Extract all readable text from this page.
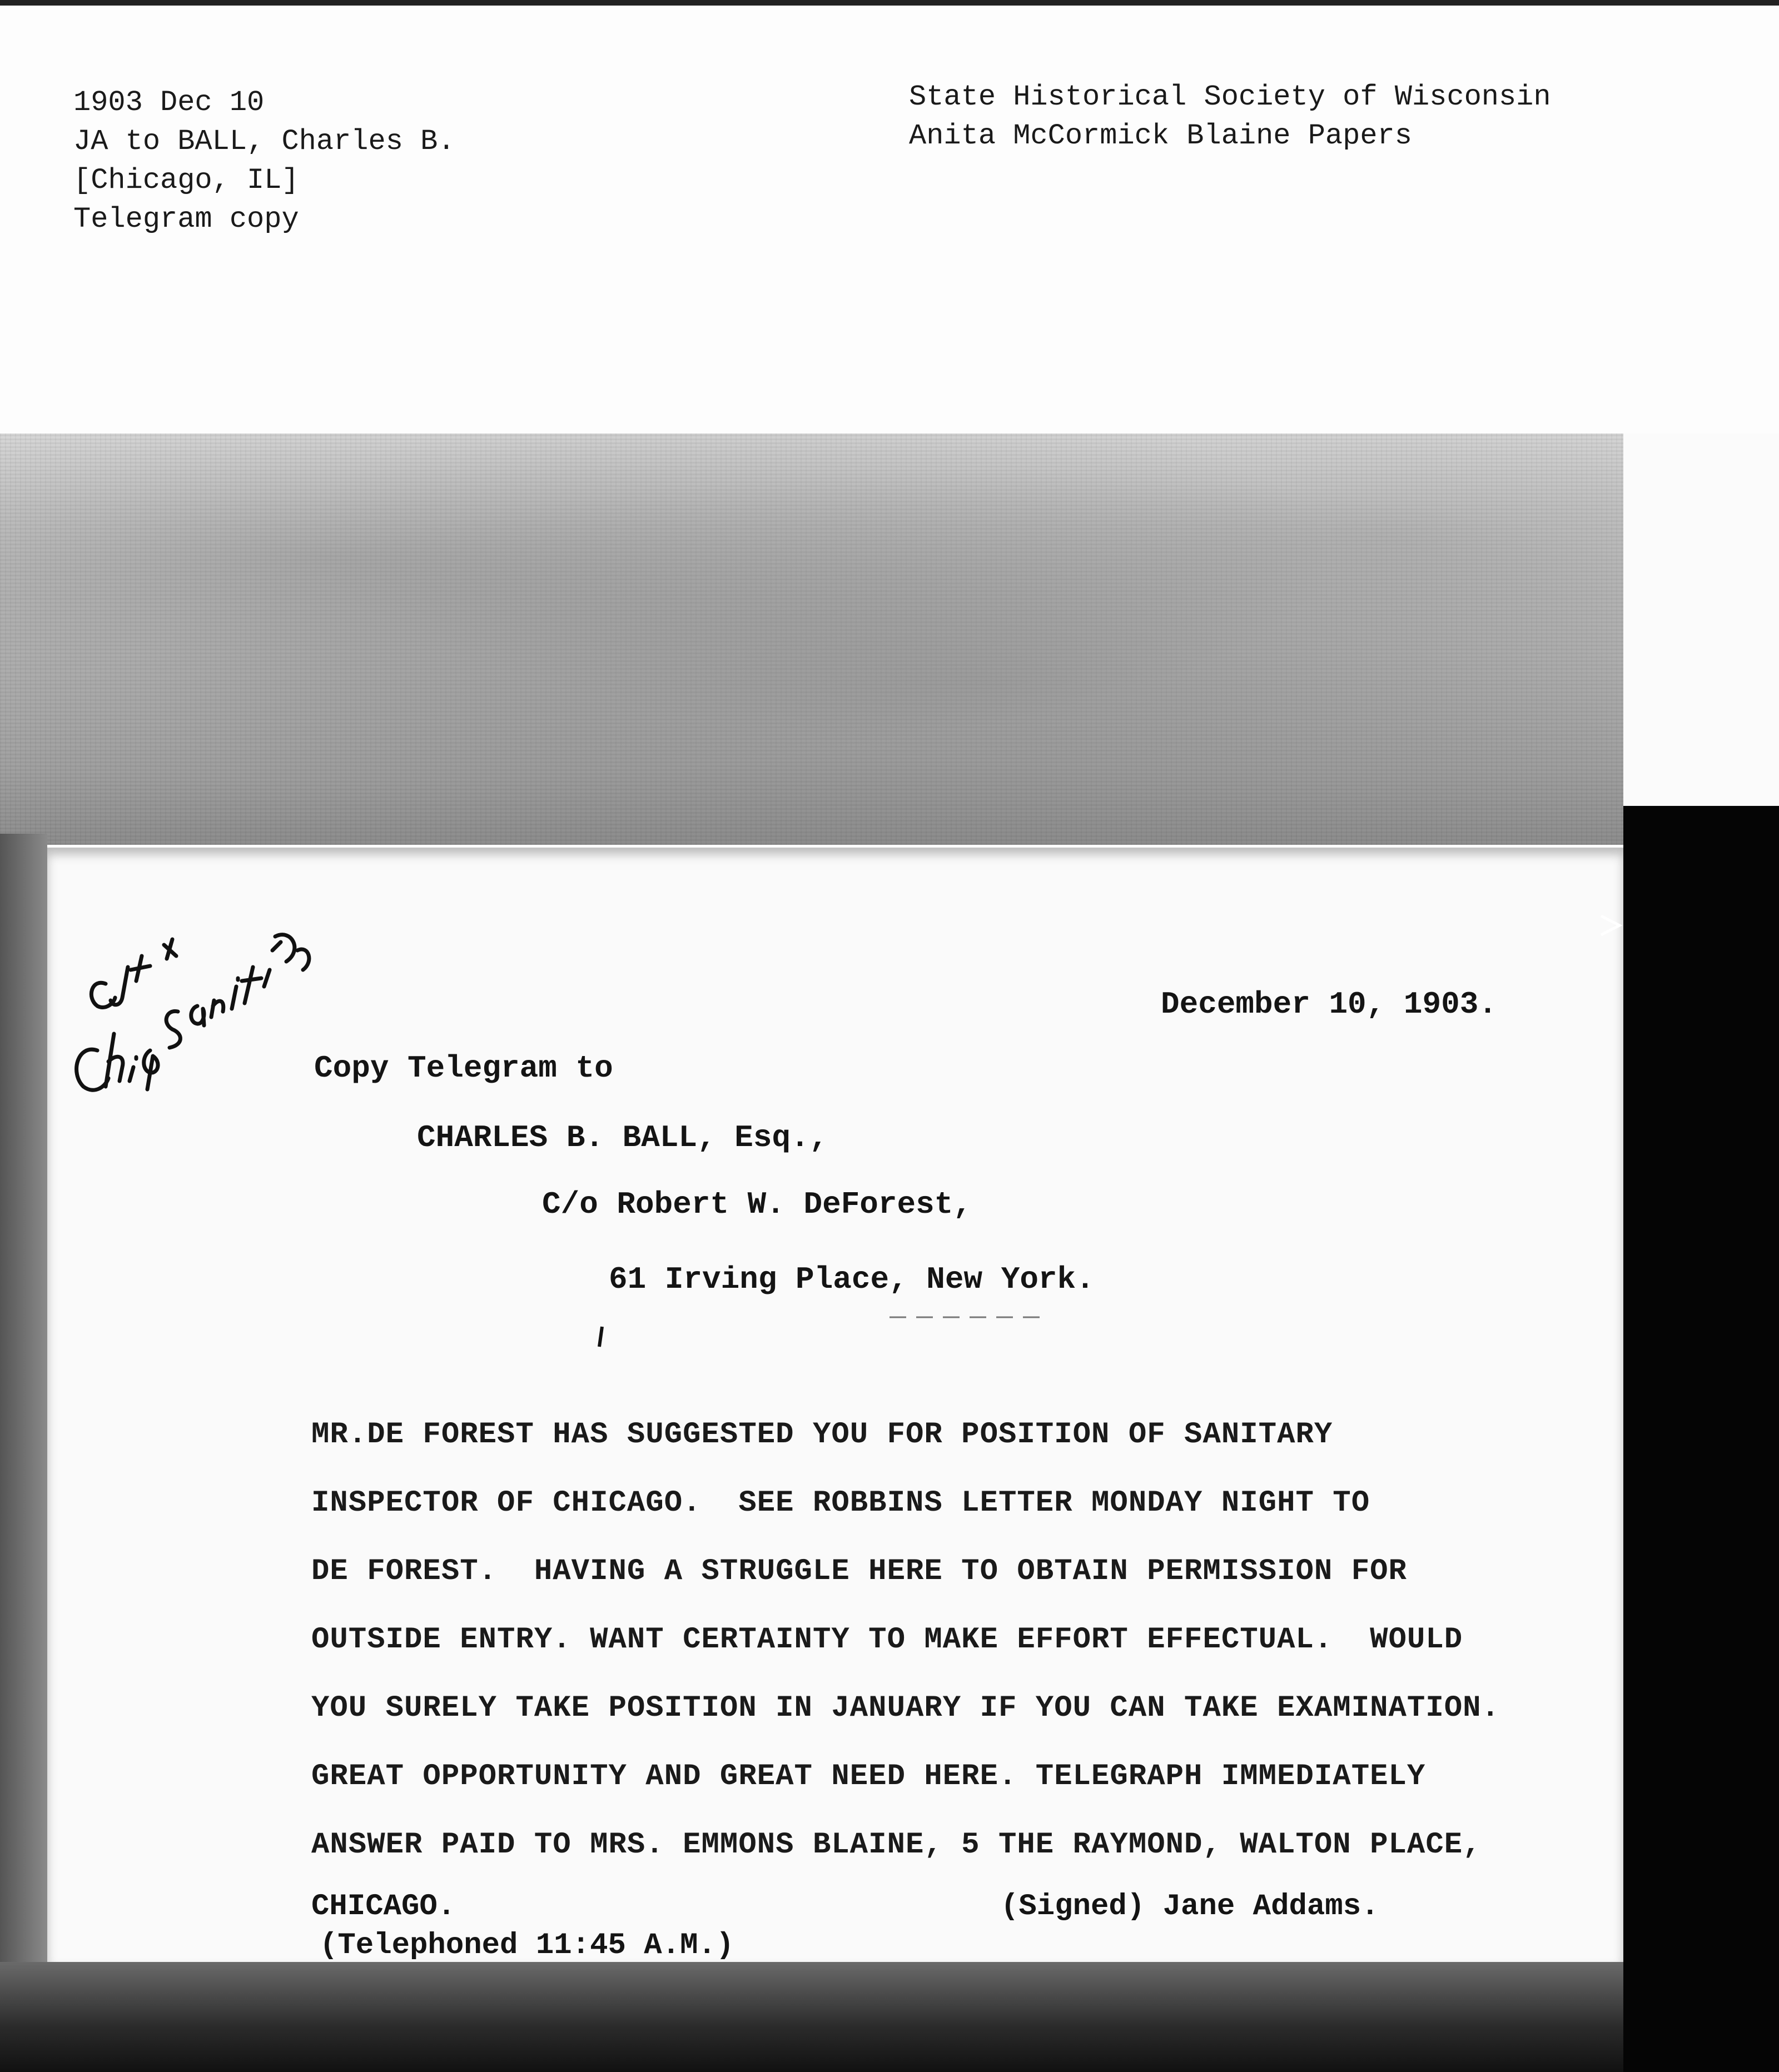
1903 Dec 10
JA to BALL, Charles B.
[Chicago, IL]
Telegram copy
State Historical Society of Wisconsin
Anita McCormick Blaine Papers
December 10, 1903.
Copy Telegram to
CHARLES B. BALL, Esq.,
C/o Robert W. DeForest,
61 Irving Place, New York.
MR.DE FOREST HAS SUGGESTED YOU FOR POSITION OF SANITARY
INSPECTOR OF CHICAGO.  SEE ROBBINS LETTER MONDAY NIGHT TO
DE FOREST.  HAVING A STRUGGLE HERE TO OBTAIN PERMISSION FOR
OUTSIDE ENTRY. WANT CERTAINTY TO MAKE EFFORT EFFECTUAL.  WOULD
YOU SURELY TAKE POSITION IN JANUARY IF YOU CAN TAKE EXAMINATION.
GREAT OPPORTUNITY AND GREAT NEED HERE. TELEGRAPH IMMEDIATELY
ANSWER PAID TO MRS. EMMONS BLAINE, 5 THE RAYMOND, WALTON PLACE,
CHICAGO.	(Signed) Jane Addams.
(Telephoned 11:45 A.M.)
